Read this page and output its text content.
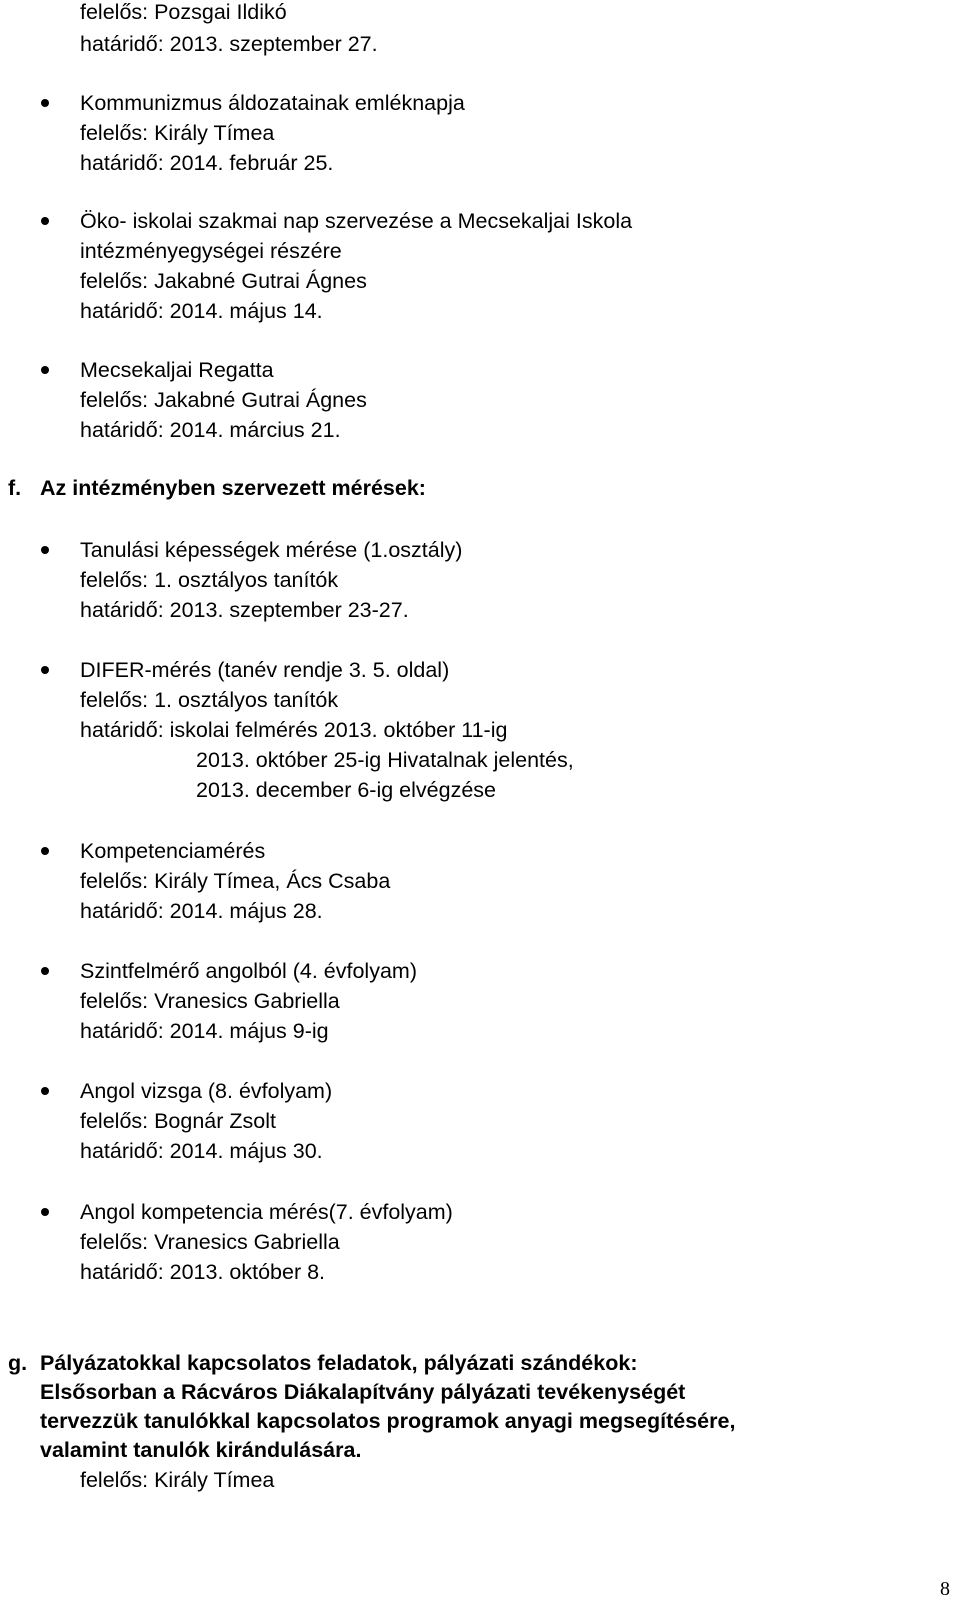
felelős: Pozsgai Ildikó

határidő: 2013. szeptember 27.

Kommunizmus áldozatainak emléknapja

felelős: Király Tímea

határidő: 2014. február 25.

Öko- iskolai szakmai nap szervezése a Mecsekaljai Iskola

intézményegységei részére

felelős: Jakabné Gutrai Ágnes

határidő: 2014. május 14.

Mecsekaljai Regatta

felelős: Jakabné Gutrai Ágnes

határidő: 2014. március 21.

f. Az intézményben szervezett mérések:

Tanulási képességek mérése (1.osztály)

felelős: 1. osztályos tanítók

határidő: 2013. szeptember 23-27.

DIFER-mérés (tanév rendje 3. 5. oldal)

felelős: 1. osztályos tanítók

határidő: iskolai felmérés 2013. október 11-ig

2013. október 25-ig Hivatalnak jelentés,

2013. december 6-ig elvégzése

Kompetenciamérés

felelős: Király Tímea, Ács Csaba

határidő: 2014. május 28.

Szintfelmérő angolból (4. évfolyam)

felelős: Vranesics Gabriella

határidő: 2014. május 9-ig

Angol vizsga (8. évfolyam)

felelős: Bognár Zsolt

határidő: 2014. május 30.

Angol kompetencia mérés(7. évfolyam)

felelős: Vranesics Gabriella

határidő: 2013. október 8.

g. Pályázatokkal kapcsolatos feladatok, pályázati szándékok:

Elsősorban a Rácváros Diákalapítvány pályázati tevékenységét

tervezzük tanulókkal kapcsolatos programok anyagi megsegítésére,

valamint tanulók kirándulására.

felelős: Király Tímea

8
